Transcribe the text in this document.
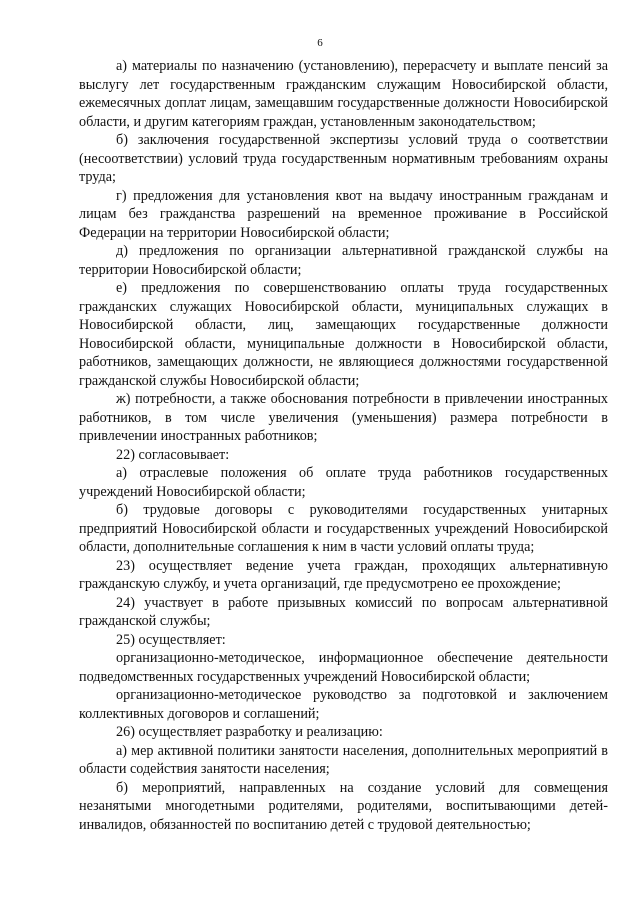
6

а) материалы по назначению (установлению), перерасчету и выплате пенсий за выслугу лет государственным гражданским служащим Новосибирской области, ежемесячных доплат лицам, замещавшим государственные должности Новосибирской области, и другим категориям граждан, установленным законодательством;

б) заключения государственной экспертизы условий труда о соответствии (несоответствии) условий труда государственным нормативным требованиям охраны труда;

г) предложения для установления квот на выдачу иностранным гражданам и лицам без гражданства разрешений на временное проживание в Российской Федерации на территории Новосибирской области;

д) предложения по организации альтернативной гражданской службы на территории Новосибирской области;

е) предложения по совершенствованию оплаты труда государственных гражданских служащих Новосибирской области, муниципальных служащих в Новосибирской области, лиц, замещающих государственные должности Новосибирской области, муниципальные должности в Новосибирской области, работников, замещающих должности, не являющиеся должностями государственной гражданской службы Новосибирской области;

ж) потребности, а также обоснования потребности в привлечении иностранных работников, в том числе увеличения (уменьшения) размера потребности в привлечении иностранных работников;

22) согласовывает:

а) отраслевые положения об оплате труда работников государственных учреждений Новосибирской области;

б) трудовые договоры с руководителями государственных унитарных предприятий Новосибирской области и государственных учреждений Новосибирской области, дополнительные соглашения к ним в части условий оплаты труда;

23) осуществляет ведение учета граждан, проходящих альтернативную гражданскую службу, и учета организаций, где предусмотрено ее прохождение;

24) участвует в работе призывных комиссий по вопросам альтернативной гражданской службы;

25) осуществляет:

организационно-методическое, информационное обеспечение деятельности подведомственных государственных учреждений Новосибирской области;

организационно-методическое руководство за подготовкой и заключением коллективных договоров и соглашений;

26) осуществляет разработку и реализацию:

а) мер активной политики занятости населения, дополнительных мероприятий в области содействия занятости населения;

б) мероприятий, направленных на создание условий для совмещения незанятыми многодетными родителями, родителями, воспитывающими детей-инвалидов, обязанностей по воспитанию детей с трудовой деятельностью;
